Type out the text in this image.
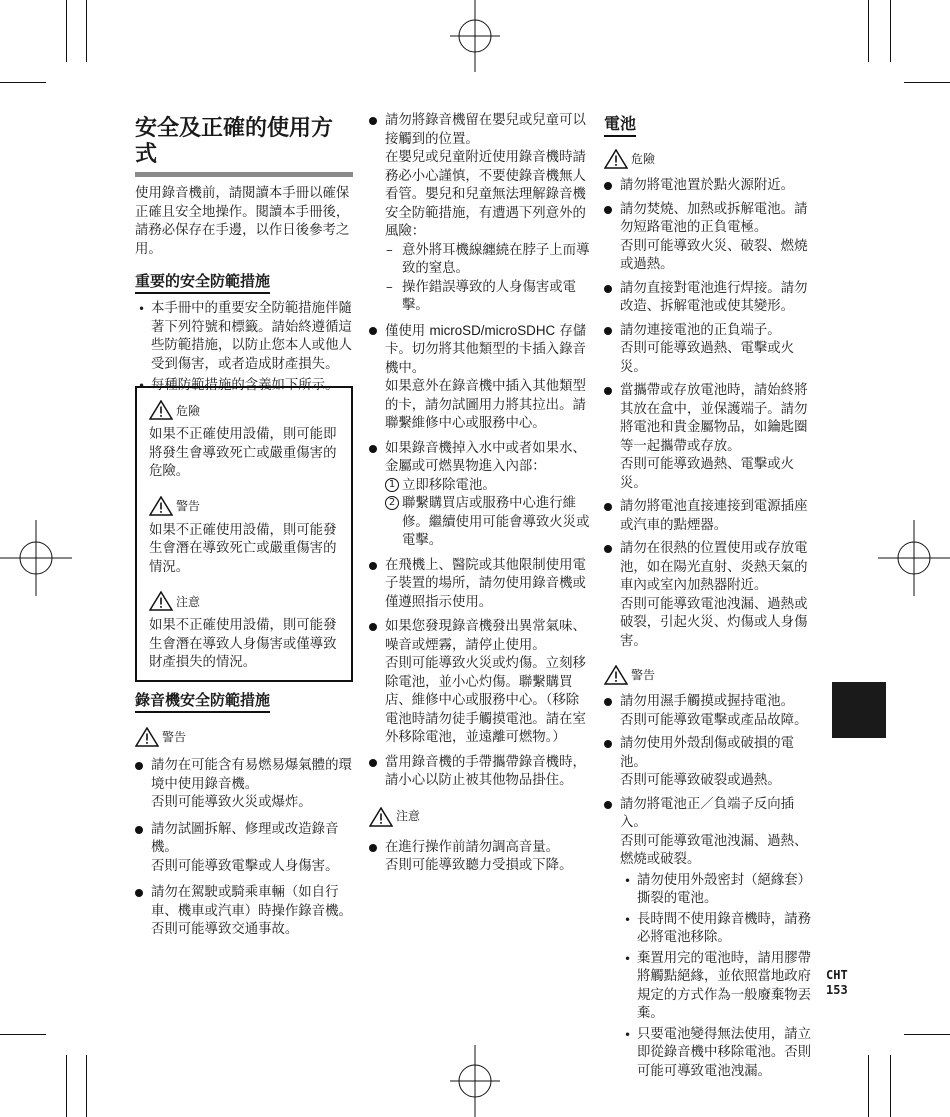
安全及正確的使用方式

使用錄音機前，請閱讀本手冊以確保正確且安全地操作。閱讀本手冊後，請務必保存在手邊，以作日後參考之用。

重要的安全防範措施
• 本手冊中的重要安全防範措施伴隨著下列符號和標籤。請始終遵循這些防範措施，以防止您本人或他人受到傷害，或者造成財產損失。
• 每種防範措施的含義如下所示。
危險

如果不正確使用設備，則可能即將發生會導致死亡或嚴重傷害的危險。

警告

如果不正確使用設備，則可能發生會潛在導致死亡或嚴重傷害的情況。

注意

如果不正確使用設備，則可能發生會潛在導致人身傷害或僅導致財產損失的情況。

錄音機安全防範措施
警告

請勿在可能含有易燃易爆氣體的環境中使用錄音機。

否則可能導致火災或爆炸。

請勿試圖拆解、修理或改造錄音機。

否則可能導致電擊或人身傷害。

請勿在駕駛或騎乘車輛（如自行車、機車或汽車）時操作錄音機。

否則可能導致交通事故。

請勿將錄音機留在嬰兒或兒童可以接觸到的位置。

在嬰兒或兒童附近使用錄音機時請務必小心謹慎，不要使錄音機無人看管。嬰兒和兒童無法理解錄音機安全防範措施，有遭遇下列意外的風險：

– 意外將耳機線纏繞在脖子上而導致的窒息。
– 操作錯誤導致的人身傷害或電擊。

僅使用 microSD/microSDHC 存儲卡。切勿將其他類型的卡插入錄音機中。

如果意外在錄音機中插入其他類型的卡，請勿試圖用力將其拉出。請聯繫維修中心或服務中心。

如果錄音機掉入水中或者如果水、金屬或可燃異物進入內部：

1 立即移除電池。
2 聯繫購買店或服務中心進行維修。繼續使用可能會導致火災或電擊。

在飛機上、醫院或其他限制使用電子裝置的場所，請勿使用錄音機或僅遵照指示使用。

如果您發現錄音機發出異常氣味、噪音或煙霧，請停止使用。

否則可能導致火災或灼傷。立刻移除電池，並小心灼傷。聯繫購買店、維修中心或服務中心。（移除電池時請勿徒手觸摸電池。請在室外移除電池，並遠離可燃物。）

當用錄音機的手帶攜帶錄音機時，請小心以防止被其他物品掛住。

注意

在進行操作前請勿調高音量。

否則可能導致聽力受損或下降。

電池
危險

請勿將電池置於點火源附近。

請勿焚燒、加熱或拆解電池。請勿短路電池的正負電極。

否則可能導致火災、破裂、燃燒或過熱。

請勿直接對電池進行焊接。請勿改造、拆解電池或使其變形。

請勿連接電池的正負端子。

否則可能導致過熱、電擊或火災。

當攜帶或存放電池時，請始終將其放在盒中，並保護端子。請勿將電池和貴金屬物品，如鑰匙圈等一起攜帶或存放。

否則可能導致過熱、電擊或火災。

請勿將電池直接連接到電源插座或汽車的點煙器。

請勿在很熱的位置使用或存放電池，如在陽光直射、炎熱天氣的車內或室內加熱器附近。

否則可能導致電池洩漏、過熱或破裂，引起火災、灼傷或人身傷害。

警告

請勿用濕手觸摸或握持電池。

否則可能導致電擊或產品故障。

請勿使用外殼刮傷或破損的電池。

否則可能導致破裂或過熱。

請勿將電池正／負端子反向插入。

否則可能導致電池洩漏、過熱、燃燒或破裂。

• 請勿使用外殼密封（絕緣套）撕裂的電池。
• 長時間不使用錄音機時，請務必將電池移除。
• 棄置用完的電池時，請用膠帶將觸點絕緣，並依照當地政府規定的方式作為一般廢棄物丟棄。
• 只要電池變得無法使用，請立即從錄音機中移除電池。否則可能可導致電池洩漏。
CHT
153
